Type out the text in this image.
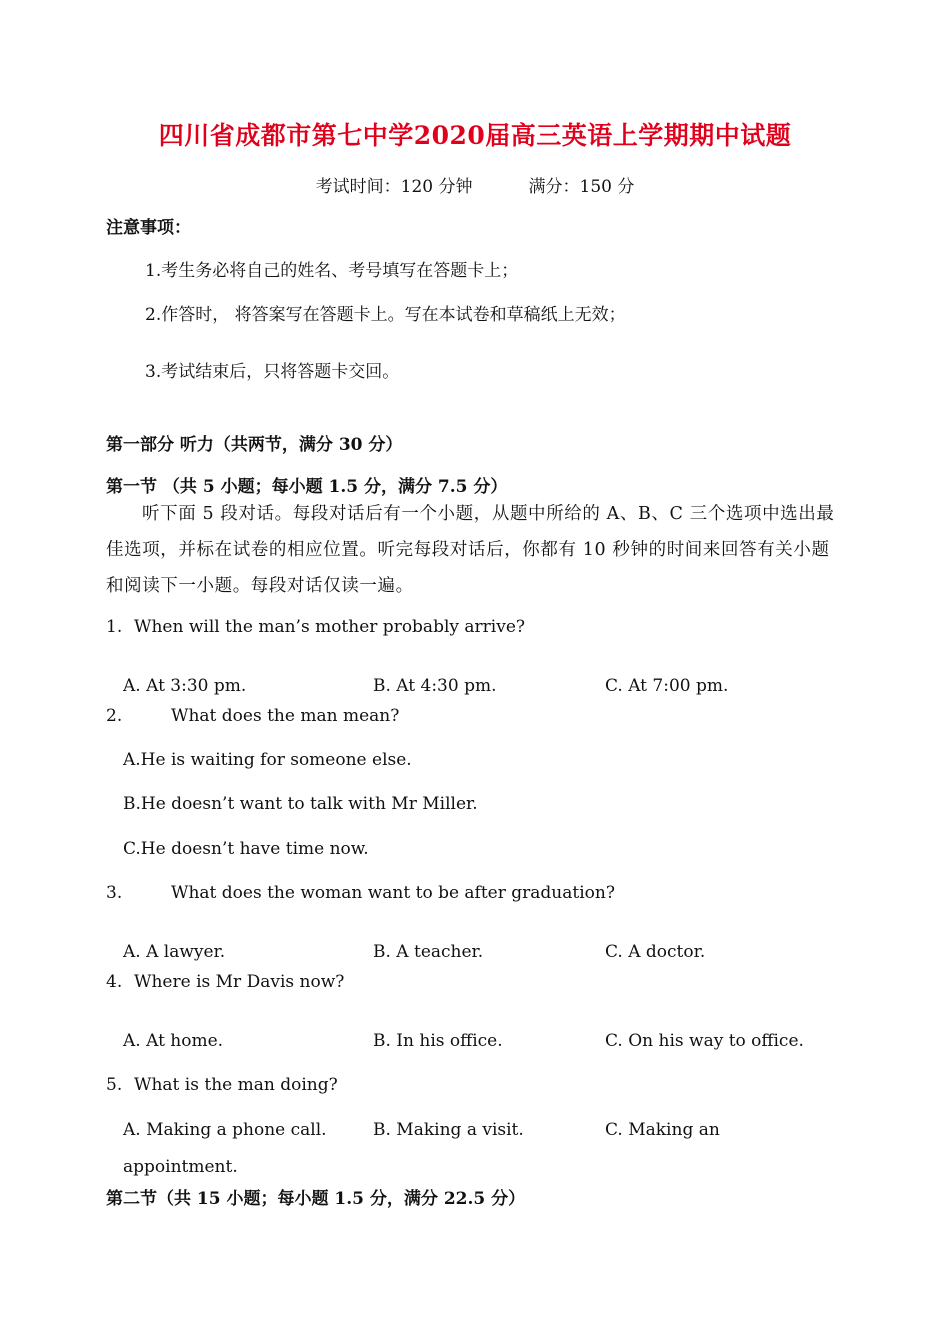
四川省成都市第七中学2020届高三英语上学期期中试题
考试时间：120 分钟	满分：150 分
注意事项：
1.考生务必将自己的姓名、考号填写在答题卡上；
2.作答时， 将答案写在答题卡上。写在本试卷和草稿纸上无效；
3.考试结束后，只将答题卡交回。
第一部分 听力（共两节，满分 30 分）
第一节 （共 5 小题；每小题 1.5 分，满分 7.5 分）
听下面 5 段对话。每段对话后有一个小题，从题中所给的 A、B、C 三个选项中选出最佳选项，并标在试卷的相应位置。听完每段对话后，你都有 10 秒钟的时间来回答有关小题和阅读下一小题。每段对话仅读一遍。
1. When will the man’s mother probably arrive?
A. At 3:30 pm.	B. At 4:30 pm.	C. At 7:00 pm.
2.	What does the man mean?
A.He is waiting for someone else.
B.He doesn’t want to talk with Mr Miller.
C.He doesn’t have time now.
3.	What does the woman want to be after graduation?
A. A lawyer.	B. A teacher.	C. A doctor.
4. Where is Mr Davis now?
A. At home.	B. In his office.	C. On his way to office.
5. What is the man doing?
A. Making a phone call.	B. Making a visit.	C. Making an
appointment.
第二节（共 15 小题；每小题 1.5 分，满分 22.5 分）
